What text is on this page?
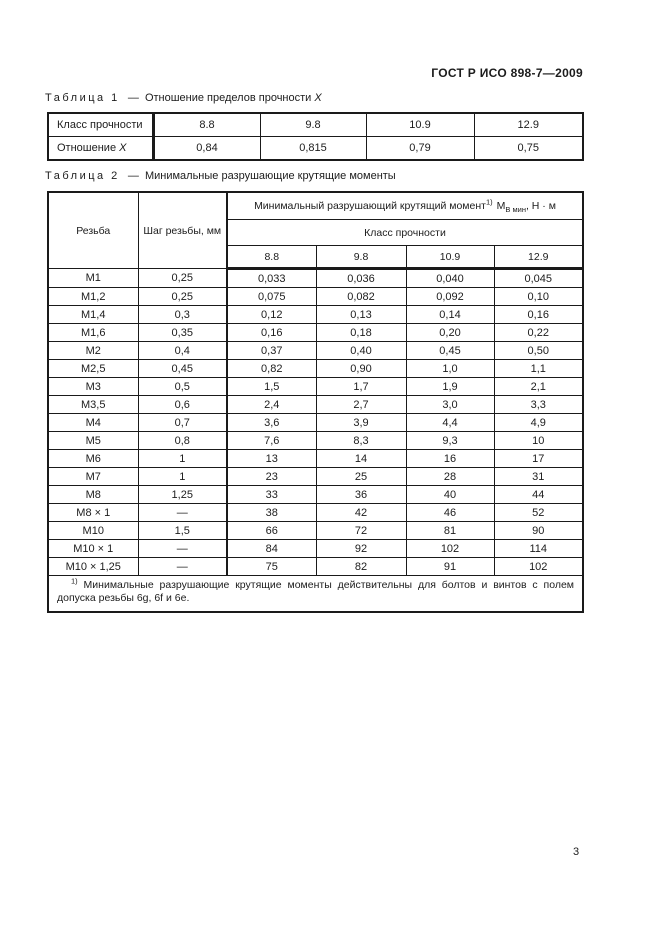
ГОСТ Р ИСО 898-7—2009
Таблица 1 — Отношение пределов прочности X
Класс прочности	8.8	9.8	10.9	12.9
Отношение X	0,84	0,815	0,79	0,75
Таблица 2 — Минимальные разрушающие крутящие моменты
Резьба	Шаг резьбы, мм	Минимальный разрушающий крутящий момент$^{1)}$ $М_{В мин}$, Н · м			
		Класс прочности			
		8.8	9.8	10.9	12.9
М1	0,25	0,033	0,036	0,040	0,045
М1,2	0,25	0,075	0,082	0,092	0,10
М1,4	0,3	0,12	0,13	0,14	0,16
М1,6	0,35	0,16	0,18	0,20	0,22
М2	0,4	0,37	0,40	0,45	0,50
М2,5	0,45	0,82	0,90	1,0	1,1
М3	0,5	1,5	1,7	1,9	2,1
М3,5	0,6	2,4	2,7	3,0	3,3
М4	0,7	3,6	3,9	4,4	4,9
М5	0,8	7,6	8,3	9,3	10
М6	1	13	14	16	17
М7	1	23	25	28	31
М8	1,25	33	36	40	44
М8 × 1	—	38	42	46	52
М10	1,5	66	72	81	90
М10 × 1	—	84	92	102	114
М10 × 1,25	—	75	82	91	102
$^{1)}$ Минимальные разрушающие крутящие моменты действительны для болтов и винтов с полем допуска резьбы 6g, 6f и 6e.					
3
